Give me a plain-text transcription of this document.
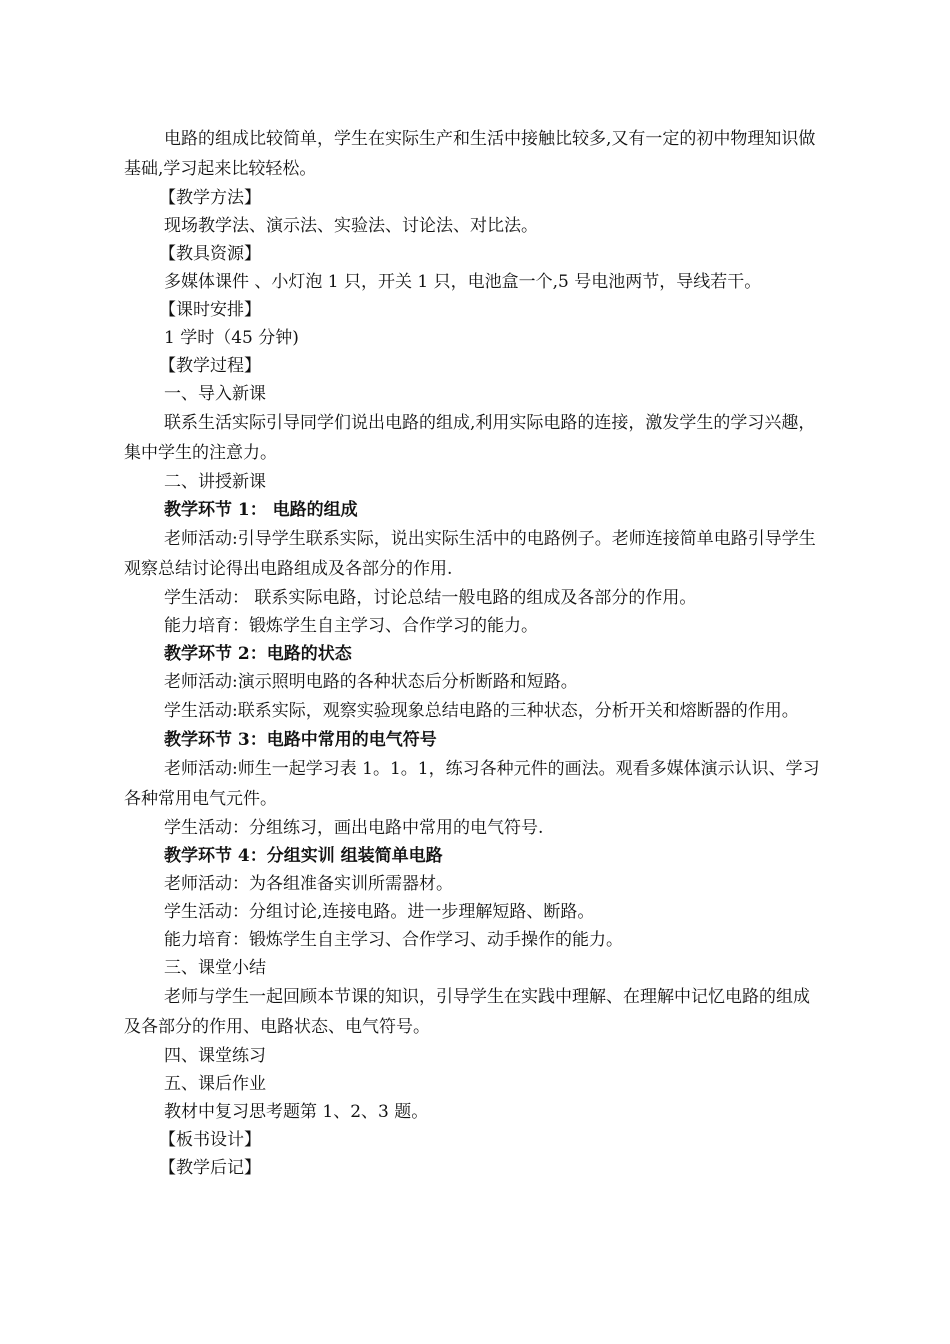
电路的组成比较简单，学生在实际生产和生活中接触比较多,又有一定的初中物理知识做基础,学习起来比较轻松。

【教学方法】

现场教学法、演示法、实验法、讨论法、对比法。

【教具资源】

多媒体课件 、小灯泡 1 只，开关 1 只，电池盒一个,5 号电池两节，导线若干。

【课时安排】

1 学时（45 分钟)

【教学过程】

一、导入新课

联系生活实际引导同学们说出电路的组成,利用实际电路的连接，激发学生的学习兴趣，集中学生的注意力。

二、讲授新课

教学环节 1： 电路的组成

老师活动:引导学生联系实际，说出实际生活中的电路例子。老师连接简单电路引导学生观察总结讨论得出电路组成及各部分的作用.

学生活动： 联系实际电路，讨论总结一般电路的组成及各部分的作用。

能力培育：锻炼学生自主学习、合作学习的能力。

教学环节 2：电路的状态

老师活动:演示照明电路的各种状态后分析断路和短路。

学生活动:联系实际，观察实验现象总结电路的三种状态，分析开关和熔断器的作用。

教学环节 3：电路中常用的电气符号

老师活动:师生一起学习表 1。1。1，练习各种元件的画法。观看多媒体演示认识、学习各种常用电气元件。

学生活动：分组练习，画出电路中常用的电气符号.

教学环节 4：分组实训 组装简单电路

老师活动：为各组准备实训所需器材。

学生活动：分组讨论,连接电路。进一步理解短路、断路。

能力培育：锻炼学生自主学习、合作学习、动手操作的能力。

三、课堂小结

老师与学生一起回顾本节课的知识，引导学生在实践中理解、在理解中记忆电路的组成及各部分的作用、电路状态、电气符号。

四、课堂练习

五、课后作业

教材中复习思考题第 1、2、3 题。

【板书设计】

【教学后记】
